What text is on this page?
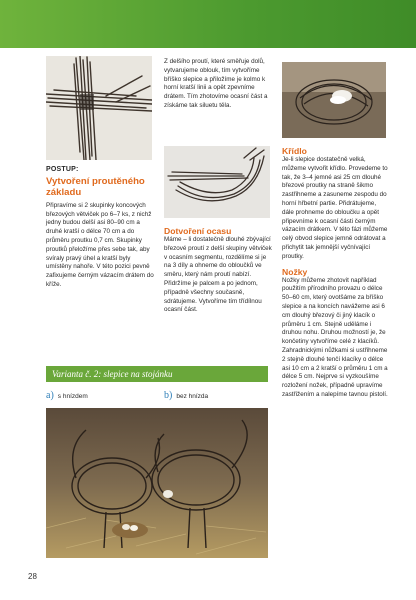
POSTUP:
Vytvoření proutěného základu

Připravíme si 2 skupinky koncových březových větviček po 6–7 ks, z nichž jedny budou delší asi 80–90 cm a druhé kratší o délce 70 cm a do průměru proutku 0,7 cm. Skupinky proutků přeložíme přes sebe tak, aby svíraly pravý úhel a kratší byly umístěny nahoře. V této pozici pevně zafixujeme černým vázacím drátem do kříže.

Z delšího proutí, které směřuje dolů, vytvarujeme oblouk, tím vytvoříme bříško slepice a přiložíme je kolmo k horní kratší linii a opět zpevníme drátem. Tím zhotovíme ocasní část a získáme tak siluetu těla.

Dotvoření ocasu

Máme – li dostatečně dlouhé zbývající březové proutí z delší skupiny větviček v ocasním segmentu, rozdělíme si je na 3 díly a ohneme do obloučků ve směru, který nám proutí nabízí. Přidržíme je palcem a po jednom, případně všechny současně, sdrátujeme. Vytvoříme tím třídílnou ocasní část.

Křídlo

Je-li slepice dostatečně velká, můžeme vytvořit křídlo. Provedeme to tak, že 3–4 jemné asi 25 cm dlouhé březové proutky na straně šikmo zastřihneme a zasuneme zespodu do horní hřbetní partie. Přidrátujeme, dále prohneme do obloučku a opět připevníme k ocasní části černým vázacím drátkem. V této fázi můžeme celý obvod slepice jemně odrátovat a přichytit tak jemnější vyčnívající proutky.

Nožky

Nožky můžeme zhotovit například použitím přírodního provazu o délce 50–60 cm, který ovotšáme za bříško slepice a na koncích navážeme asi 6 cm dlouhý březový či jiný klacík o průměru 1 cm. Stejně uděláme i druhou nohu. Druhou možností je, že končetiny vytvoříme celé z klacíků. Zahradnickými nůžkami si ustřihneme 2 stejně dlouhé tenčí klacíky o délce asi 10 cm a 2 kratší o průměru 1 cm a délce 5 cm. Nejprve si vyzkoušíme rozložení nožek, případně upravíme zastřižením a nalepíme tavnou pistolí.

Varianta č. 2: slepice na stojánku
a) s hnízdem	b) bez hnízda
28
